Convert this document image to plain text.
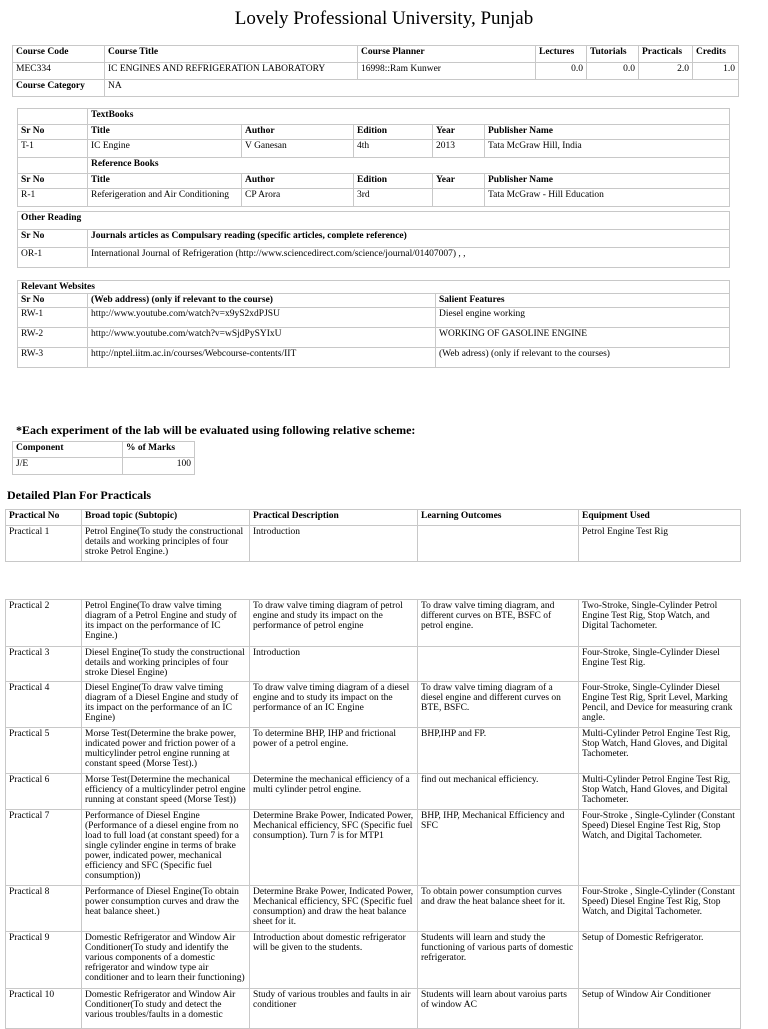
Lovely Professional University, Punjab
Course Code	Course Title	Course Planner	Lectures	Tutorials	Practicals	Credits
MEC334	IC ENGINES AND REFRIGERATION LABORATORY	16998::Ram Kunwer	0.0	0.0	2.0	1.0
Course Category	NA					
	TextBooks				
Sr No	Title	Author	Edition	Year	Publisher Name
T-1	IC Engine	V Ganesan	4th	2013	Tata McGraw Hill, India
	Reference Books				
Sr No	Title	Author	Edition	Year	Publisher Name
R-1	Referigeration and Air Conditioning	CP Arora	3rd		Tata McGraw - Hill Education
Other Reading	
Sr No	Journals articles as Compulsary reading (specific articles, complete reference)
OR-1	International Journal of Refrigeration (http://www.sciencedirect.com/science/journal/01407007) , ,
Relevant Websites		
Sr No	(Web address) (only if relevant to the course)	Salient Features
RW-1	http://www.youtube.com/watch?v=x9yS2xdPJSU	Diesel engine working
RW-2	http://www.youtube.com/watch?v=wSjdPySYIxU	WORKING OF GASOLINE ENGINE
RW-3	http://nptel.iitm.ac.in/courses/Webcourse-contents/IIT	(Web adress) (only if relevant to the courses)
*Each experiment of the lab will be evaluated using following relative scheme:
Component	% of Marks
J/E	100
Detailed Plan For Practicals
Practical No	Broad topic (Subtopic)	Practical Description	Learning Outcomes	Equipment Used
Practical 1	Petrol Engine(To study the constructional details and working principles of four stroke Petrol Engine.)	Introduction		Petrol Engine Test Rig
Practical 2	Petrol Engine(To draw valve timing diagram of a Petrol Engine and study of its impact on the performance of IC Engine.)	To draw valve timing diagram of petrol engine and study its impact on the performance of petrol engine	To draw valve timing diagram, and different curves on BTE, BSFC of petrol engine.	Two-Stroke, Single-Cylinder Petrol Engine Test Rig, Stop Watch, and Digital Tachometer.
Practical 3	Diesel Engine(To study the constructional details and working principles of four stroke Diesel Engine)	Introduction		Four-Stroke, Single-Cylinder Diesel Engine Test Rig.
Practical 4	Diesel Engine(To draw valve timing diagram of a Diesel Engine and study of its impact on the performance of an IC Engine)	To draw valve timing diagram of a diesel engine and to study its impact on the performance of an IC Engine	To draw valve timing diagram of a diesel engine and different curves on BTE, BSFC.	Four-Stroke, Single-Cylinder Diesel Engine Test Rig, Sprit Level, Marking Pencil, and Device for measuring crank angle.
Practical 5	Morse Test(Determine the brake power, indicated power and friction power of a multicylinder petrol engine running at constant speed (Morse Test).)	To determine BHP, IHP and frictional power of a petrol engine.	BHP,IHP and FP.	Multi-Cylinder Petrol Engine Test Rig, Stop Watch, Hand Gloves, and Digital Tachometer.
Practical 6	Morse Test(Determine the mechanical efficiency of a multicylinder petrol engine running at constant speed (Morse Test))	Determine the mechanical efficiency of a multi cylinder petrol engine.	find out mechanical efficiency.	Multi-Cylinder Petrol Engine Test Rig, Stop Watch, Hand Gloves, and Digital Tachometer.
Practical 7	Performance of Diesel Engine (Performance of a diesel engine from no load to full load (at constant speed) for a single cylinder engine in terms of brake power, indicated power, mechanical efficiency and SFC (Specific fuel consumption))	Determine Brake Power, Indicated Power, Mechanical efficiency, SFC (Specific fuel consumption). Turn 7 is for MTP1	BHP, IHP, Mechanical Efficiency and SFC	Four-Stroke , Single-Cylinder (Constant Speed) Diesel Engine Test Rig, Stop Watch, and Digital Tachometer.
Practical 8	Performance of Diesel Engine(To obtain power consumption curves and draw the heat balance sheet.)	Determine Brake Power, Indicated Power, Mechanical efficiency, SFC (Specific fuel consumption) and draw the heat balance sheet for it.	To obtain power consumption curves and draw the heat balance sheet for it.	Four-Stroke , Single-Cylinder (Constant Speed) Diesel Engine Test Rig, Stop Watch, and Digital Tachometer.
Practical 9	Domestic Refrigerator and Window Air Conditioner(To study and identify the various components of a domestic refrigerator and window type air conditioner and to learn their functioning)	Introduction about domestic refrigerator will be given to the students.	Students will learn and study the functioning of various parts of domestic refrigerator.	Setup of Domestic Refrigerator.
Practical 10	Domestic Refrigerator and Window Air Conditioner(To study and detect the various troubles/faults in a domestic	Study of various troubles and faults in air conditioner	Students will learn about varoius parts of window AC	Setup of Window Air Conditioner
